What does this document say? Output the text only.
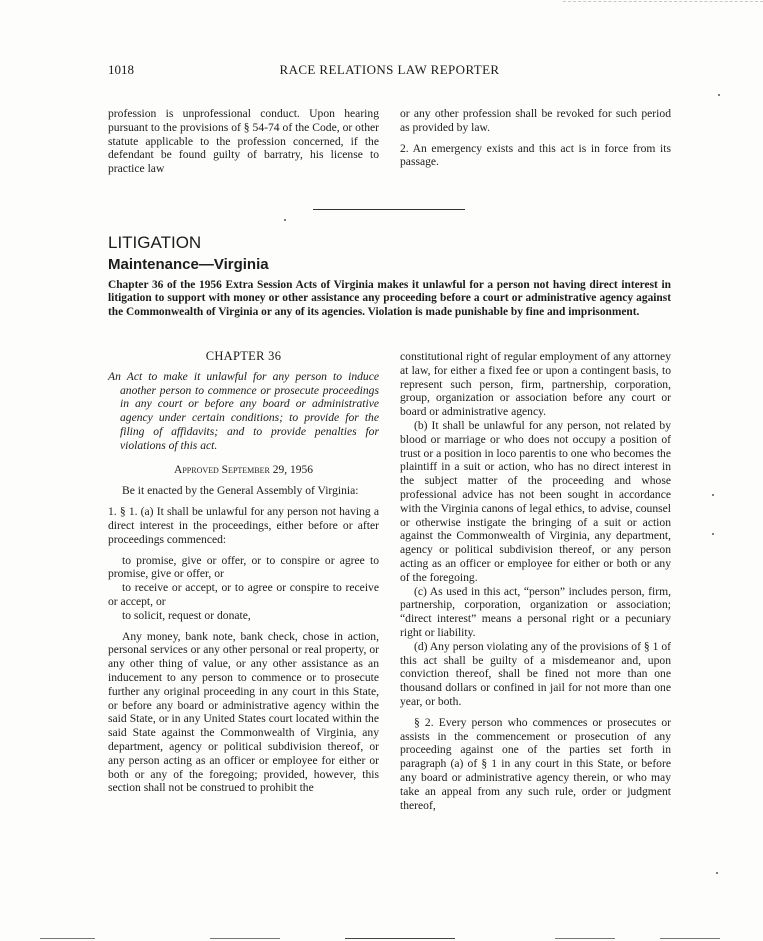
1018	RACE RELATIONS LAW REPORTER

profession is unprofessional conduct. Upon hearing pursuant to the provisions of § 54-74 of the Code, or other statute applicable to the profession concerned, if the defendant be found guilty of barratry, his license to practice law

or any other profession shall be revoked for such period as provided by law.

2. An emergency exists and this act is in force from its passage.

LITIGATION
Maintenance—Virginia
Chapter 36 of the 1956 Extra Session Acts of Virginia makes it unlawful for a person not having direct interest in litigation to support with money or other assistance any proceeding before a court or administrative agency against the Commonwealth of Virginia or any of its agencies. Violation is made punishable by fine and imprisonment.

CHAPTER 36

An Act to make it unlawful for any person to induce another person to commence or prosecute proceedings in any court or before any board or administrative agency under certain conditions; to provide for the filing of affidavits; and to provide penalties for violations of this act.

Approved September 29, 1956

Be it enacted by the General Assembly of Virginia:

1. § 1. (a) It shall be unlawful for any person not having a direct interest in the proceedings, either before or after proceedings commenced:

to promise, give or offer, or to conspire or agree to promise, give or offer, or

to receive or accept, or to agree or conspire to receive or accept, or

to solicit, request or donate,

Any money, bank note, bank check, chose in action, personal services or any other personal or real property, or any other thing of value, or any other assistance as an inducement to any person to commence or to prosecute further any original proceeding in any court in this State, or before any board or administrative agency within the said State, or in any United States court located within the said State against the Commonwealth of Virginia, any department, agency or political subdivision thereof, or any person acting as an officer or employee for either or both or any of the foregoing; provided, however, this section shall not be construed to prohibit the

constitutional right of regular employment of any attorney at law, for either a fixed fee or upon a contingent basis, to represent such person, firm, partnership, corporation, group, organization or association before any court or board or administrative agency.

(b) It shall be unlawful for any person, not related by blood or marriage or who does not occupy a position of trust or a position in loco parentis to one who becomes the plaintiff in a suit or action, who has no direct interest in the subject matter of the proceeding and whose professional advice has not been sought in accordance with the Virginia canons of legal ethics, to advise, counsel or otherwise instigate the bringing of a suit or action against the Commonwealth of Virginia, any department, agency or political subdivision thereof, or any person acting as an officer or employee for either or both or any of the foregoing.

(c) As used in this act, “person” includes person, firm, partnership, corporation, organization or association; “direct interest” means a personal right or a pecuniary right or liability.

(d) Any person violating any of the provisions of § 1 of this act shall be guilty of a misdemeanor and, upon conviction thereof, shall be fined not more than one thousand dollars or confined in jail for not more than one year, or both.

§ 2. Every person who commences or prosecutes or assists in the commencement or prosecution of any proceeding against one of the parties set forth in paragraph (a) of § 1 in any court in this State, or before any board or administrative agency therein, or who may take an appeal from any such rule, order or judgment thereof,
